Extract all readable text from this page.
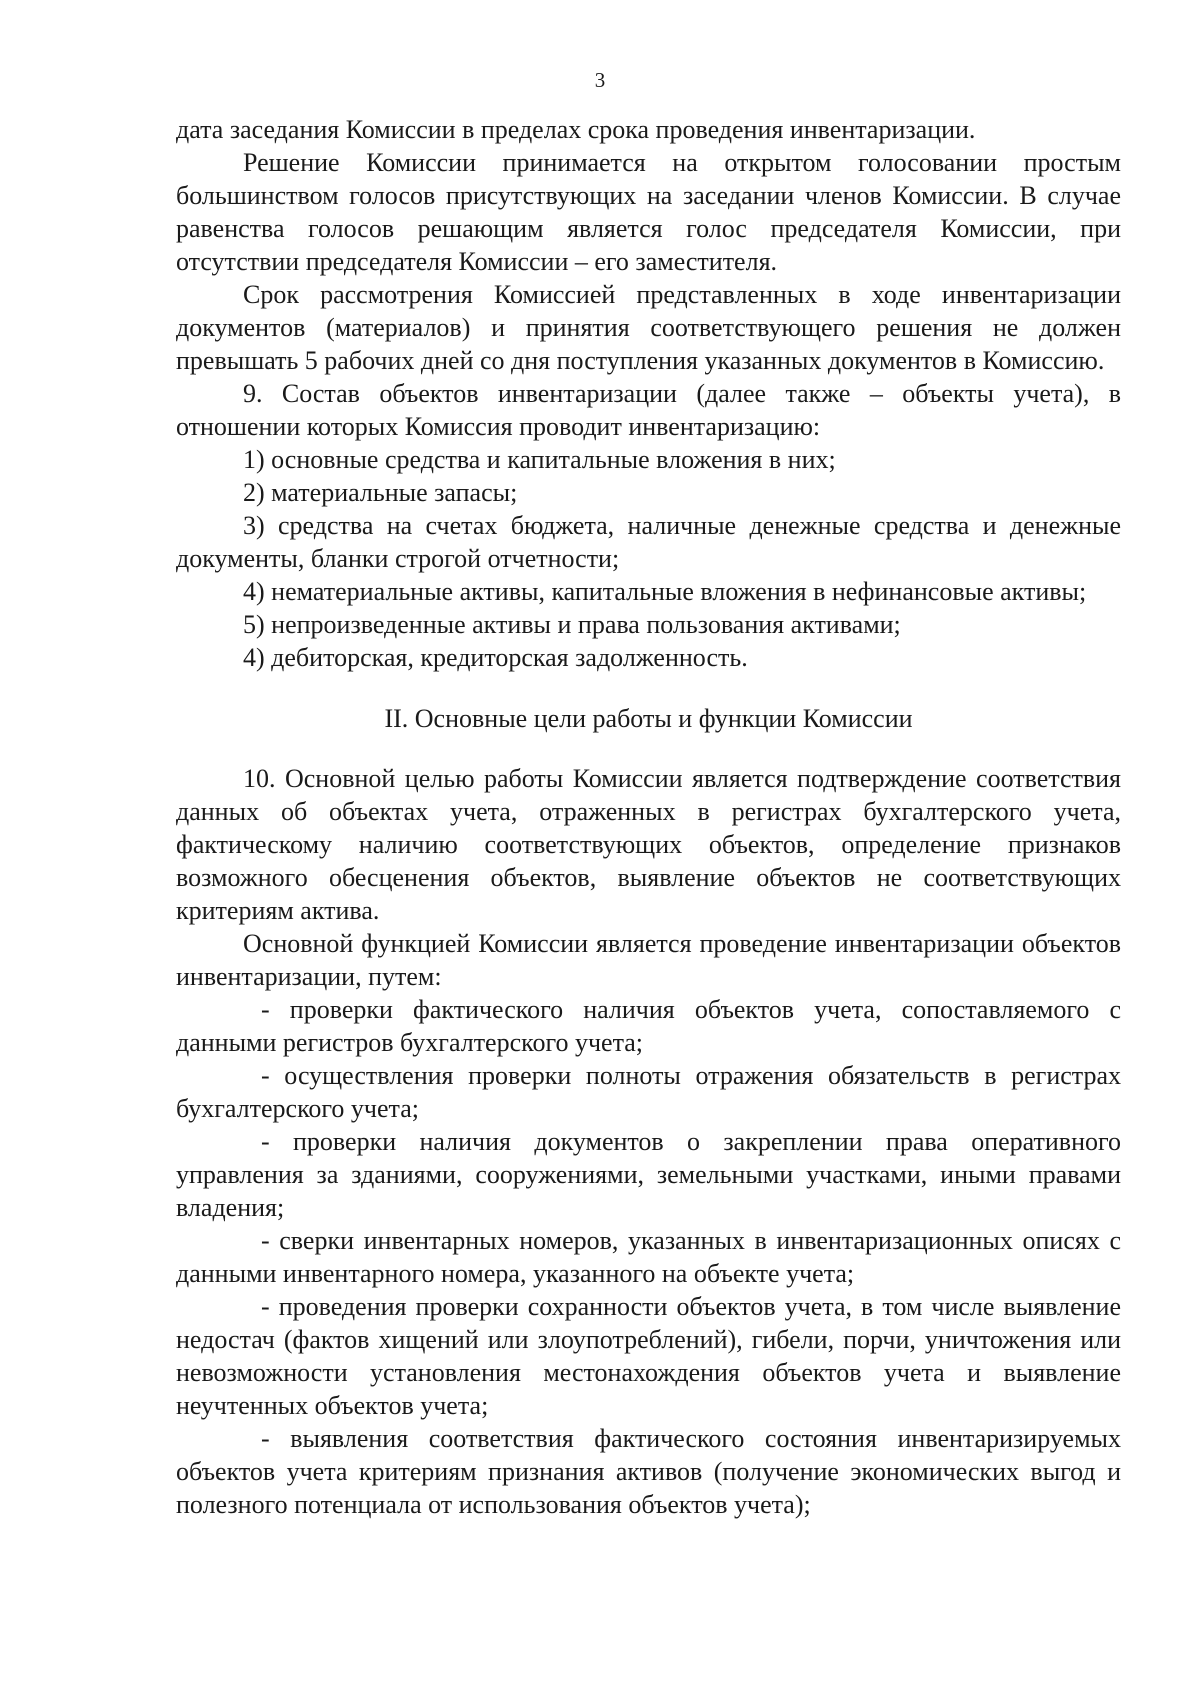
3

дата заседания Комиссии в пределах срока проведения инвентаризации.

Решение Комиссии принимается на открытом голосовании простым большинством голосов присутствующих на заседании членов Комиссии. В случае равенства голосов решающим является голос председателя Комиссии, при отсутствии председателя Комиссии – его заместителя.

Срок рассмотрения Комиссией представленных в ходе инвентаризации документов (материалов) и принятия соответствующего решения не должен превышать 5 рабочих дней со дня поступления указанных документов в Комиссию.

9. Состав объектов инвентаризации (далее также – объекты учета), в отношении которых Комиссия проводит инвентаризацию:

1) основные средства и капитальные вложения в них;

2) материальные запасы;

3) средства на счетах бюджета, наличные денежные средства и денежные документы, бланки строгой отчетности;

4) нематериальные активы, капитальные вложения в нефинансовые активы;

5) непроизведенные активы и права пользования активами;

4) дебиторская, кредиторская задолженность.

II. Основные цели работы и функции Комиссии

10. Основной целью работы Комиссии является подтверждение соответствия данных об объектах учета, отраженных в регистрах бухгалтерского учета, фактическому наличию соответствующих объектов, определение признаков возможного обесценения объектов, выявление объектов не соответствующих критериям актива.

Основной функцией Комиссии является проведение инвентаризации объектов инвентаризации, путем:

- проверки фактического наличия объектов учета, сопоставляемого с данными регистров бухгалтерского учета;

- осуществления проверки полноты отражения обязательств в регистрах бухгалтерского учета;

- проверки наличия документов о закреплении права оперативного управления за зданиями, сооружениями, земельными участками, иными правами владения;

- сверки инвентарных номеров, указанных в инвентаризационных описях с данными инвентарного номера, указанного на объекте учета;

- проведения проверки сохранности объектов учета, в том числе выявление недостач (фактов хищений или злоупотреблений), гибели, порчи, уничтожения или невозможности установления местонахождения объектов учета и выявление неучтенных объектов учета;

- выявления соответствия фактического состояния инвентаризируемых объектов учета критериям признания активов (получение экономических выгод и полезного потенциала от использования объектов учета);
